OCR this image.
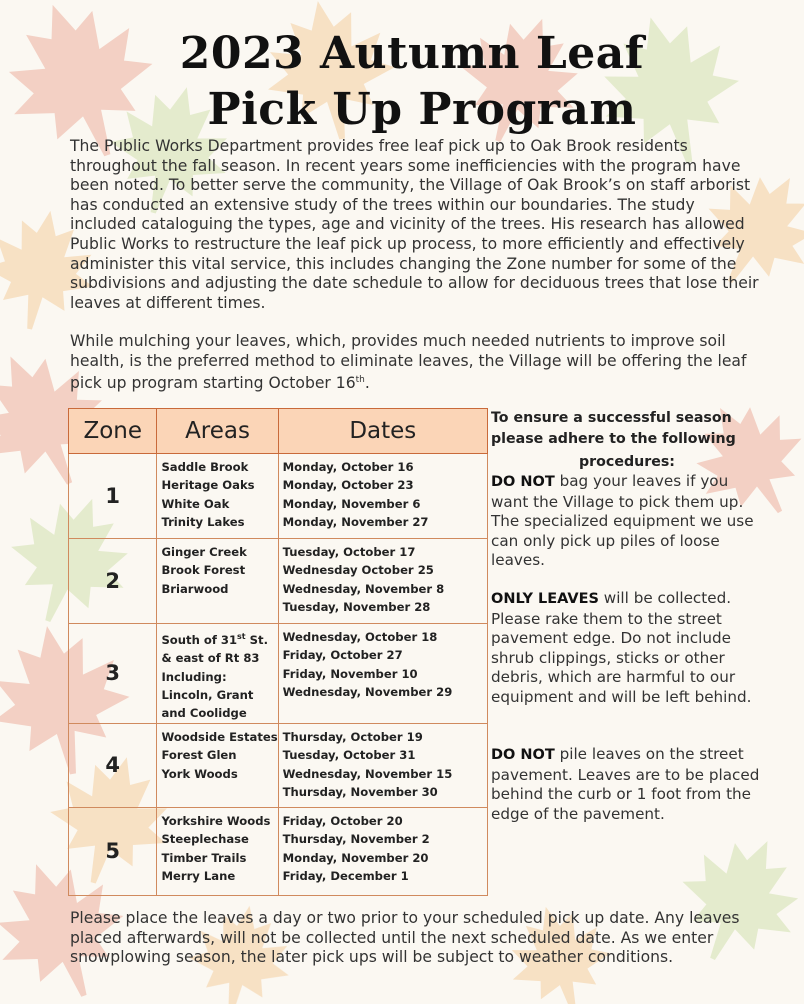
2023 Autumn Leaf
Pick Up Program
The Public Works Department provides free leaf pick up to Oak Brook residents throughout the fall season. In recent years some inefficiencies with the program have been noted. To better serve the community, the Village of Oak Brook’s on staff arborist has conducted an extensive study of the trees within our boundaries. The study included cataloguing the types, age and vicinity of the trees. His research has allowed Public Works to restructure the leaf pick up process, to more efficiently and effectively administer this vital service, this includes changing the Zone number for some of the subdivisions and adjusting the date schedule to allow for deciduous trees that lose their leaves at different times.
While mulching your leaves, which, provides much needed nutrients to improve soil health, is the preferred method to eliminate leaves, the Village will be offering the leaf pick up program starting October 16th.
Zone	Areas	Dates
1	Saddle Brook
Heritage Oaks
White Oak
Trinity Lakes	Monday, October 16
Monday, October 23
Monday, November 6
Monday, November 27

2	Ginger Creek
Brook Forest
Briarwood	Tuesday, October 17
Wednesday October 25
Wednesday, November 8
Tuesday, November 28

3	South of 31st St.
& east of Rt 83
Including:
Lincoln, Grant
and Coolidge	Wednesday, October 18
Friday, October 27
Friday, November 10
Wednesday, November 29

4	Woodside Estates
Forest Glen
York Woods	Thursday, October 19
Tuesday, October 31
Wednesday, November 15
Thursday, November 30

5	Yorkshire Woods
Steeplechase
Timber Trails
Merry Lane	Friday, October 20
Thursday, November 2
Monday, November 20
Friday, December 1
To ensure a successful season please adhere to the following
procedures:
DO NOT bag your leaves if you want the Village to pick them up. The specialized equipment we use can only pick up piles of loose leaves.
ONLY LEAVES will be collected. Please rake them to the street pavement edge. Do not include shrub clippings, sticks or other debris, which are harmful to our equipment and will be left behind.
DO NOT pile leaves on the street pavement. Leaves are to be placed behind the curb or 1 foot from the edge of the pavement.
Please place the leaves a day or two prior to your scheduled pick up date. Any leaves placed afterwards, will not be collected until the next scheduled date. As we enter snowplowing season, the later pick ups will be subject to weather conditions.
